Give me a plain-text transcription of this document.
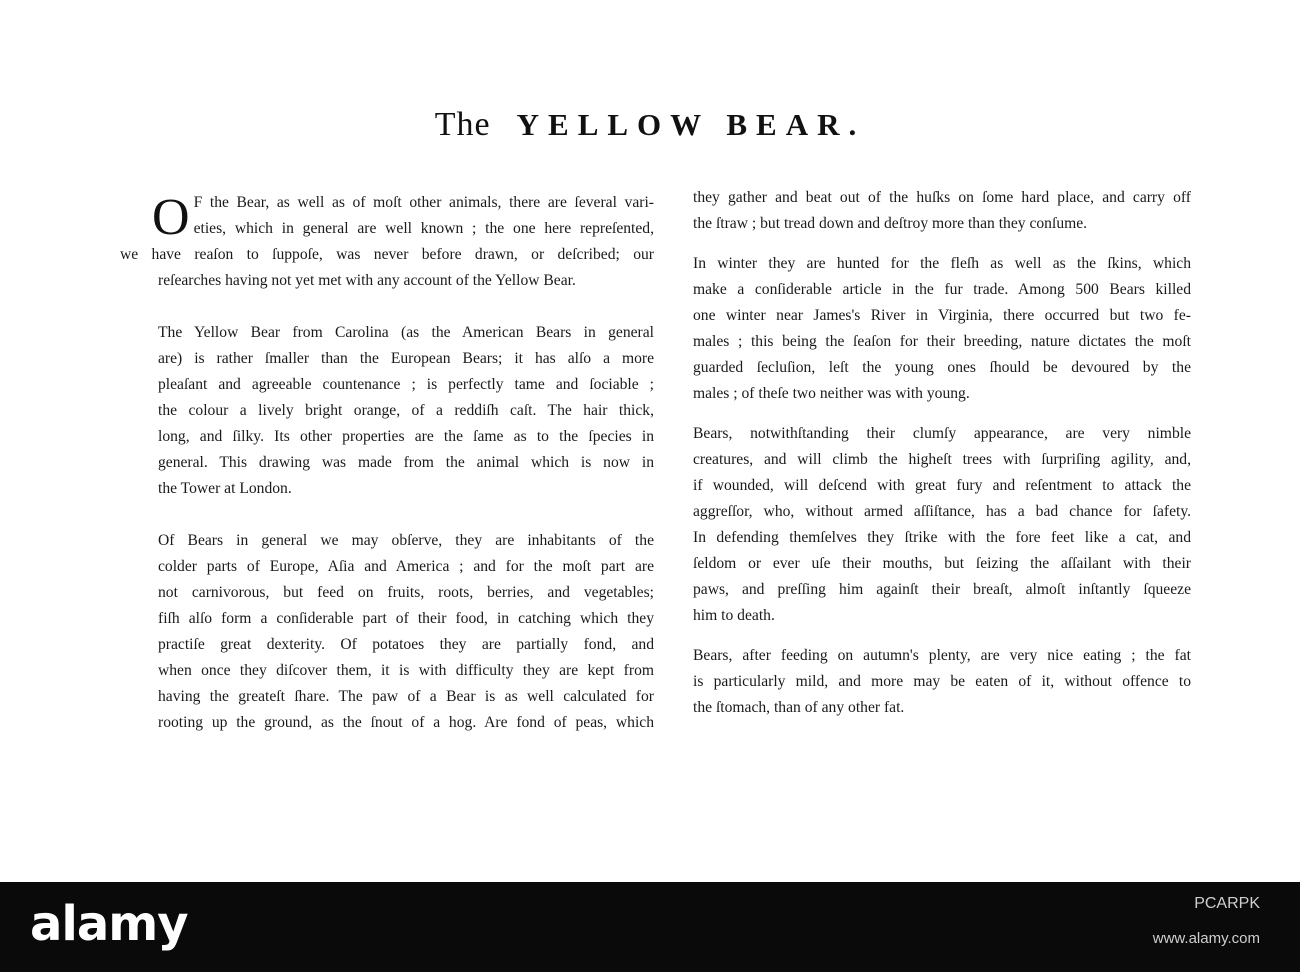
The YELLOW BEAR.

O F the Bear, as well as of moſt other animals, there are ſeveral vari-
eties, which in general are well known ; the one here repreſented,
we have reaſon to ſuppoſe, was never before drawn, or deſcribed; our

reſearches having not yet met with any account of the Yellow Bear.

The Yellow Bear from Carolina (as the American Bears in general
are) is rather ſmaller than the European Bears; it has alſo a more
pleaſant and agreeable countenance ; is perfectly tame and ſociable ;
the colour a lively bright orange, of a reddiſh caſt. The hair thick,
long, and ſilky. Its other properties are the ſame as to the ſpecies in
general. This drawing was made from the animal which is now in
the Tower at London.

Of Bears in general we may obſerve, they are inhabitants of the
colder parts of Europe, Aſia and America ; and for the moſt part are
not carnivorous, but feed on fruits, roots, berries, and vegetables;
fiſh alſo form a conſiderable part of their food, in catching which they
practiſe great dexterity. Of potatoes they are partially fond, and
when once they diſcover them, it is with difficulty they are kept from
having the greateſt ſhare. The paw of a Bear is as well calculated for
rooting up the ground, as the ſnout of a hog. Are fond of peas, which

they gather and beat out of the huſks on ſome hard place, and carry off
the ſtraw ; but tread down and deſtroy more than they conſume.

In winter they are hunted for the fleſh as well as the ſkins, which
make a conſiderable article in the fur trade. Among 500 Bears killed
one winter near James's River in Virginia, there occurred but two fe-
males ; this being the ſeaſon for their breeding, nature dictates the moſt
guarded ſecluſion, leſt the young ones ſhould be devoured by the
males ; of theſe two neither was with young.

Bears, notwithſtanding their clumſy appearance, are very nimble
creatures, and will climb the higheſt trees with ſurpriſing agility, and,
if wounded, will deſcend with great fury and reſentment to attack the
aggreſſor, who, without armed aſſiſtance, has a bad chance for ſafety.
In defending themſelves they ſtrike with the fore feet like a cat, and
ſeldom or ever uſe their mouths, but ſeizing the aſſailant with their
paws, and preſſing him againſt their breaſt, almoſt inſtantly ſqueeze
him to death.

Bears, after feeding on autumn's plenty, are very nice eating ; the fat
is particularly mild, and more may be eaten of it, without offence to
the ſtomach, than of any other fat.

alamy	PCARPK
www.alamy.com
